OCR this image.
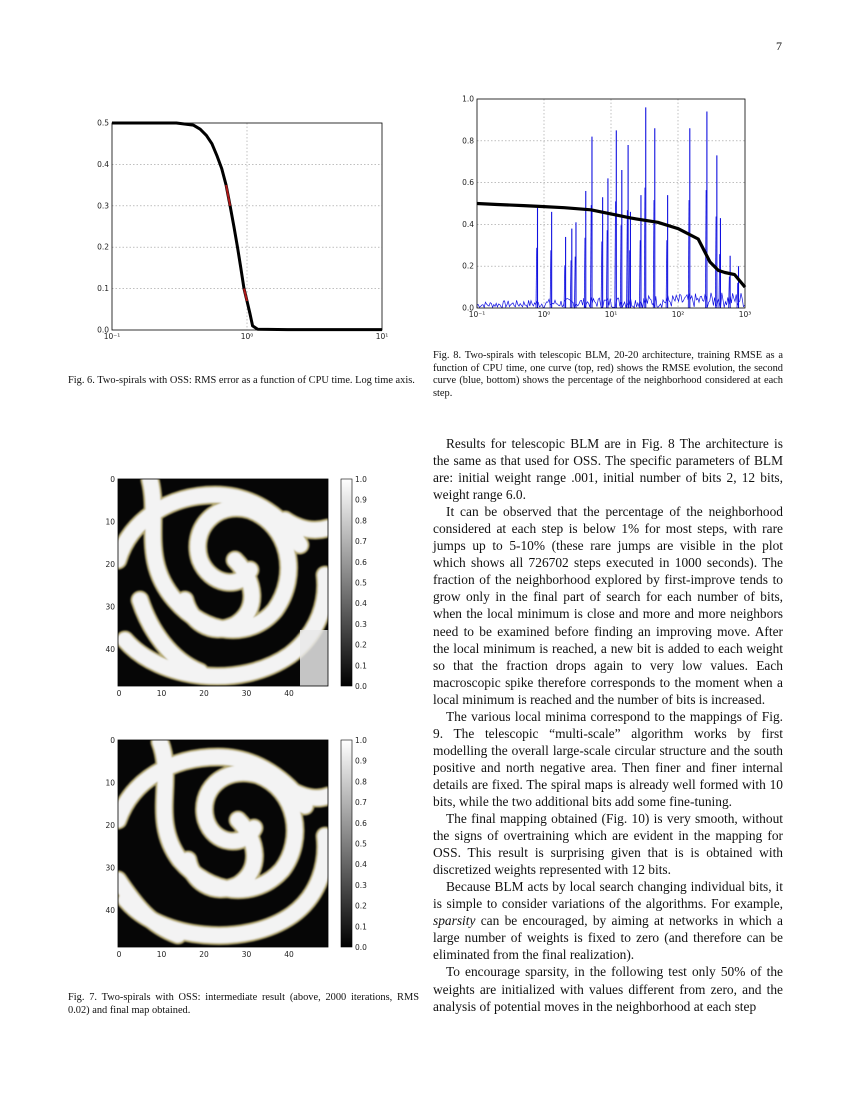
7
10⁻¹	10⁰	10¹
0.0
0.1
0.2
0.3
0.4
0.5
Fig. 6. Two-spirals with OSS: RMS error as a function of CPU time. Log time axis.
10⁻¹	10⁰	10¹	10²	10³
0.0
0.2
0.4
0.6
0.8
1.0
Fig. 8. Two-spirals with telescopic BLM, 20-20 architecture, training RMSE as a function of CPU time, one curve (top, red) shows the RMSE evolution, the second curve (blue, bottom) shows the percentage of the neighborhood considered at each step.
0	10	20	30	40
0
10
20
30
40
1.0
0.9
0.8
0.7
0.6
0.5
0.4
0.3
0.2
0.1
0.0
0	10	20	30	40
0
10
20
30
40
1.0
0.9
0.8
0.7
0.6
0.5
0.4
0.3
0.2
0.1
0.0
Fig. 7. Two-spirals with OSS: intermediate result (above, 2000 iterations, RMS 0.02) and final map obtained.

Results for telescopic BLM are in Fig. 8 The architecture is the same as that used for OSS. The specific parameters of BLM are: initial weight range .001, initial number of bits 2, 12 bits, weight range 6.0.

It can be observed that the percentage of the neighborhood considered at each step is below 1% for most steps, with rare jumps up to 5-10% (these rare jumps are visible in the plot which shows all 726702 steps executed in 1000 seconds). The fraction of the neighborhood explored by first-improve tends to grow only in the final part of search for each number of bits, when the local minimum is close and more and more neighbors need to be examined before finding an improving move. After the local minimum is reached, a new bit is added to each weight so that the fraction drops again to very low values. Each macroscopic spike therefore corresponds to the moment when a local minimum is reached and the number of bits is increased.

The various local minima correspond to the mappings of Fig. 9. The telescopic “multi-scale” algorithm works by first modelling the overall large-scale circular structure and the south positive and north negative area. Then finer and finer internal details are fixed. The spiral maps is already well formed with 10 bits, while the two additional bits add some fine-tuning.

The final mapping obtained (Fig. 10) is very smooth, without the signs of overtraining which are evident in the mapping for OSS. This result is surprising given that is is obtained with discretized weights represented with 12 bits.

Because BLM acts by local search changing individual bits, it is simple to consider variations of the algorithms. For example, sparsity can be encouraged, by aiming at networks in which a large number of weights is fixed to zero (and therefore can be eliminated from the final realization).

To encourage sparsity, in the following test only 50% of the weights are initialized with values different from zero, and the analysis of potential moves in the neighborhood at each step
